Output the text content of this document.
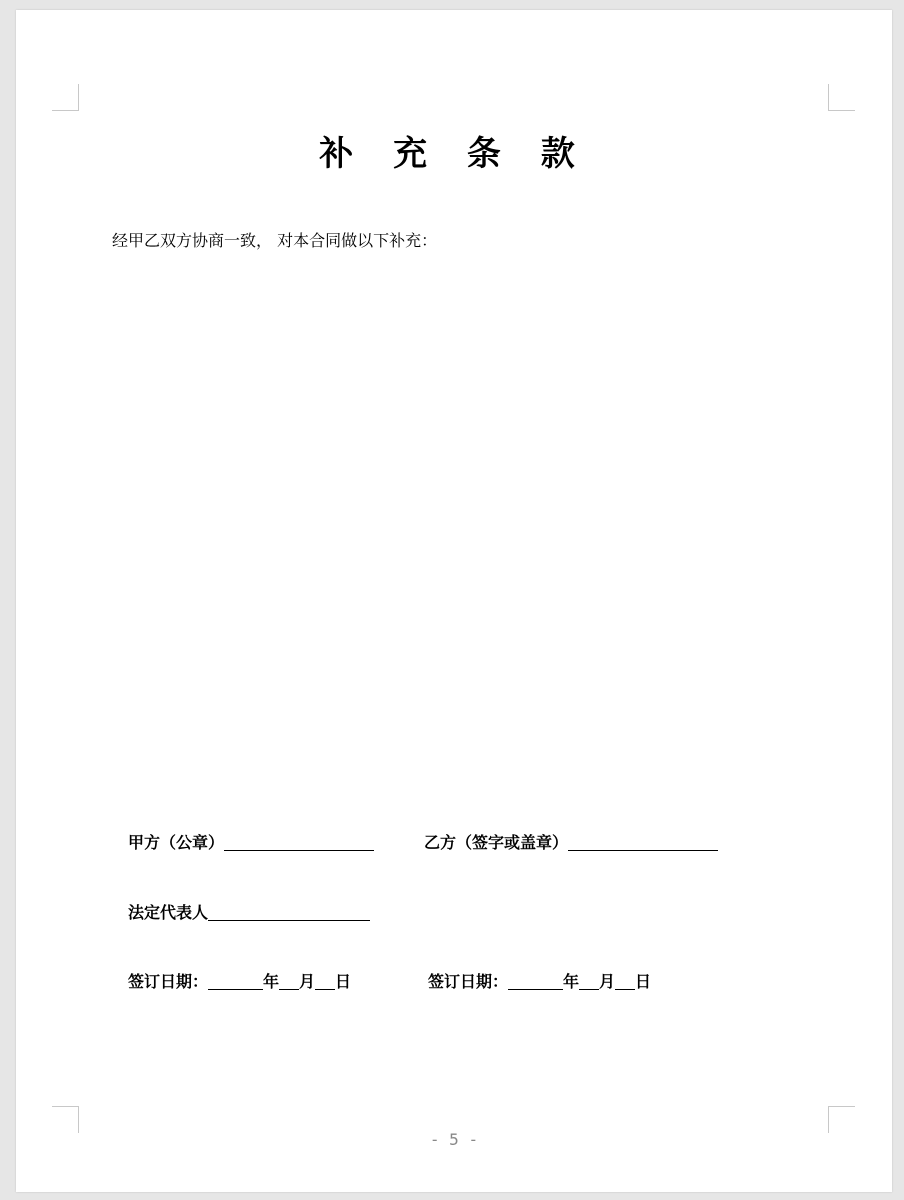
补 充 条 款
经甲乙双方协商一致， 对本合同做以下补充：
甲方（公章）	乙方（签字或盖章）
法定代表人
签订日期：	年 月 日	签订日期：	年 月 日
- 5 -
